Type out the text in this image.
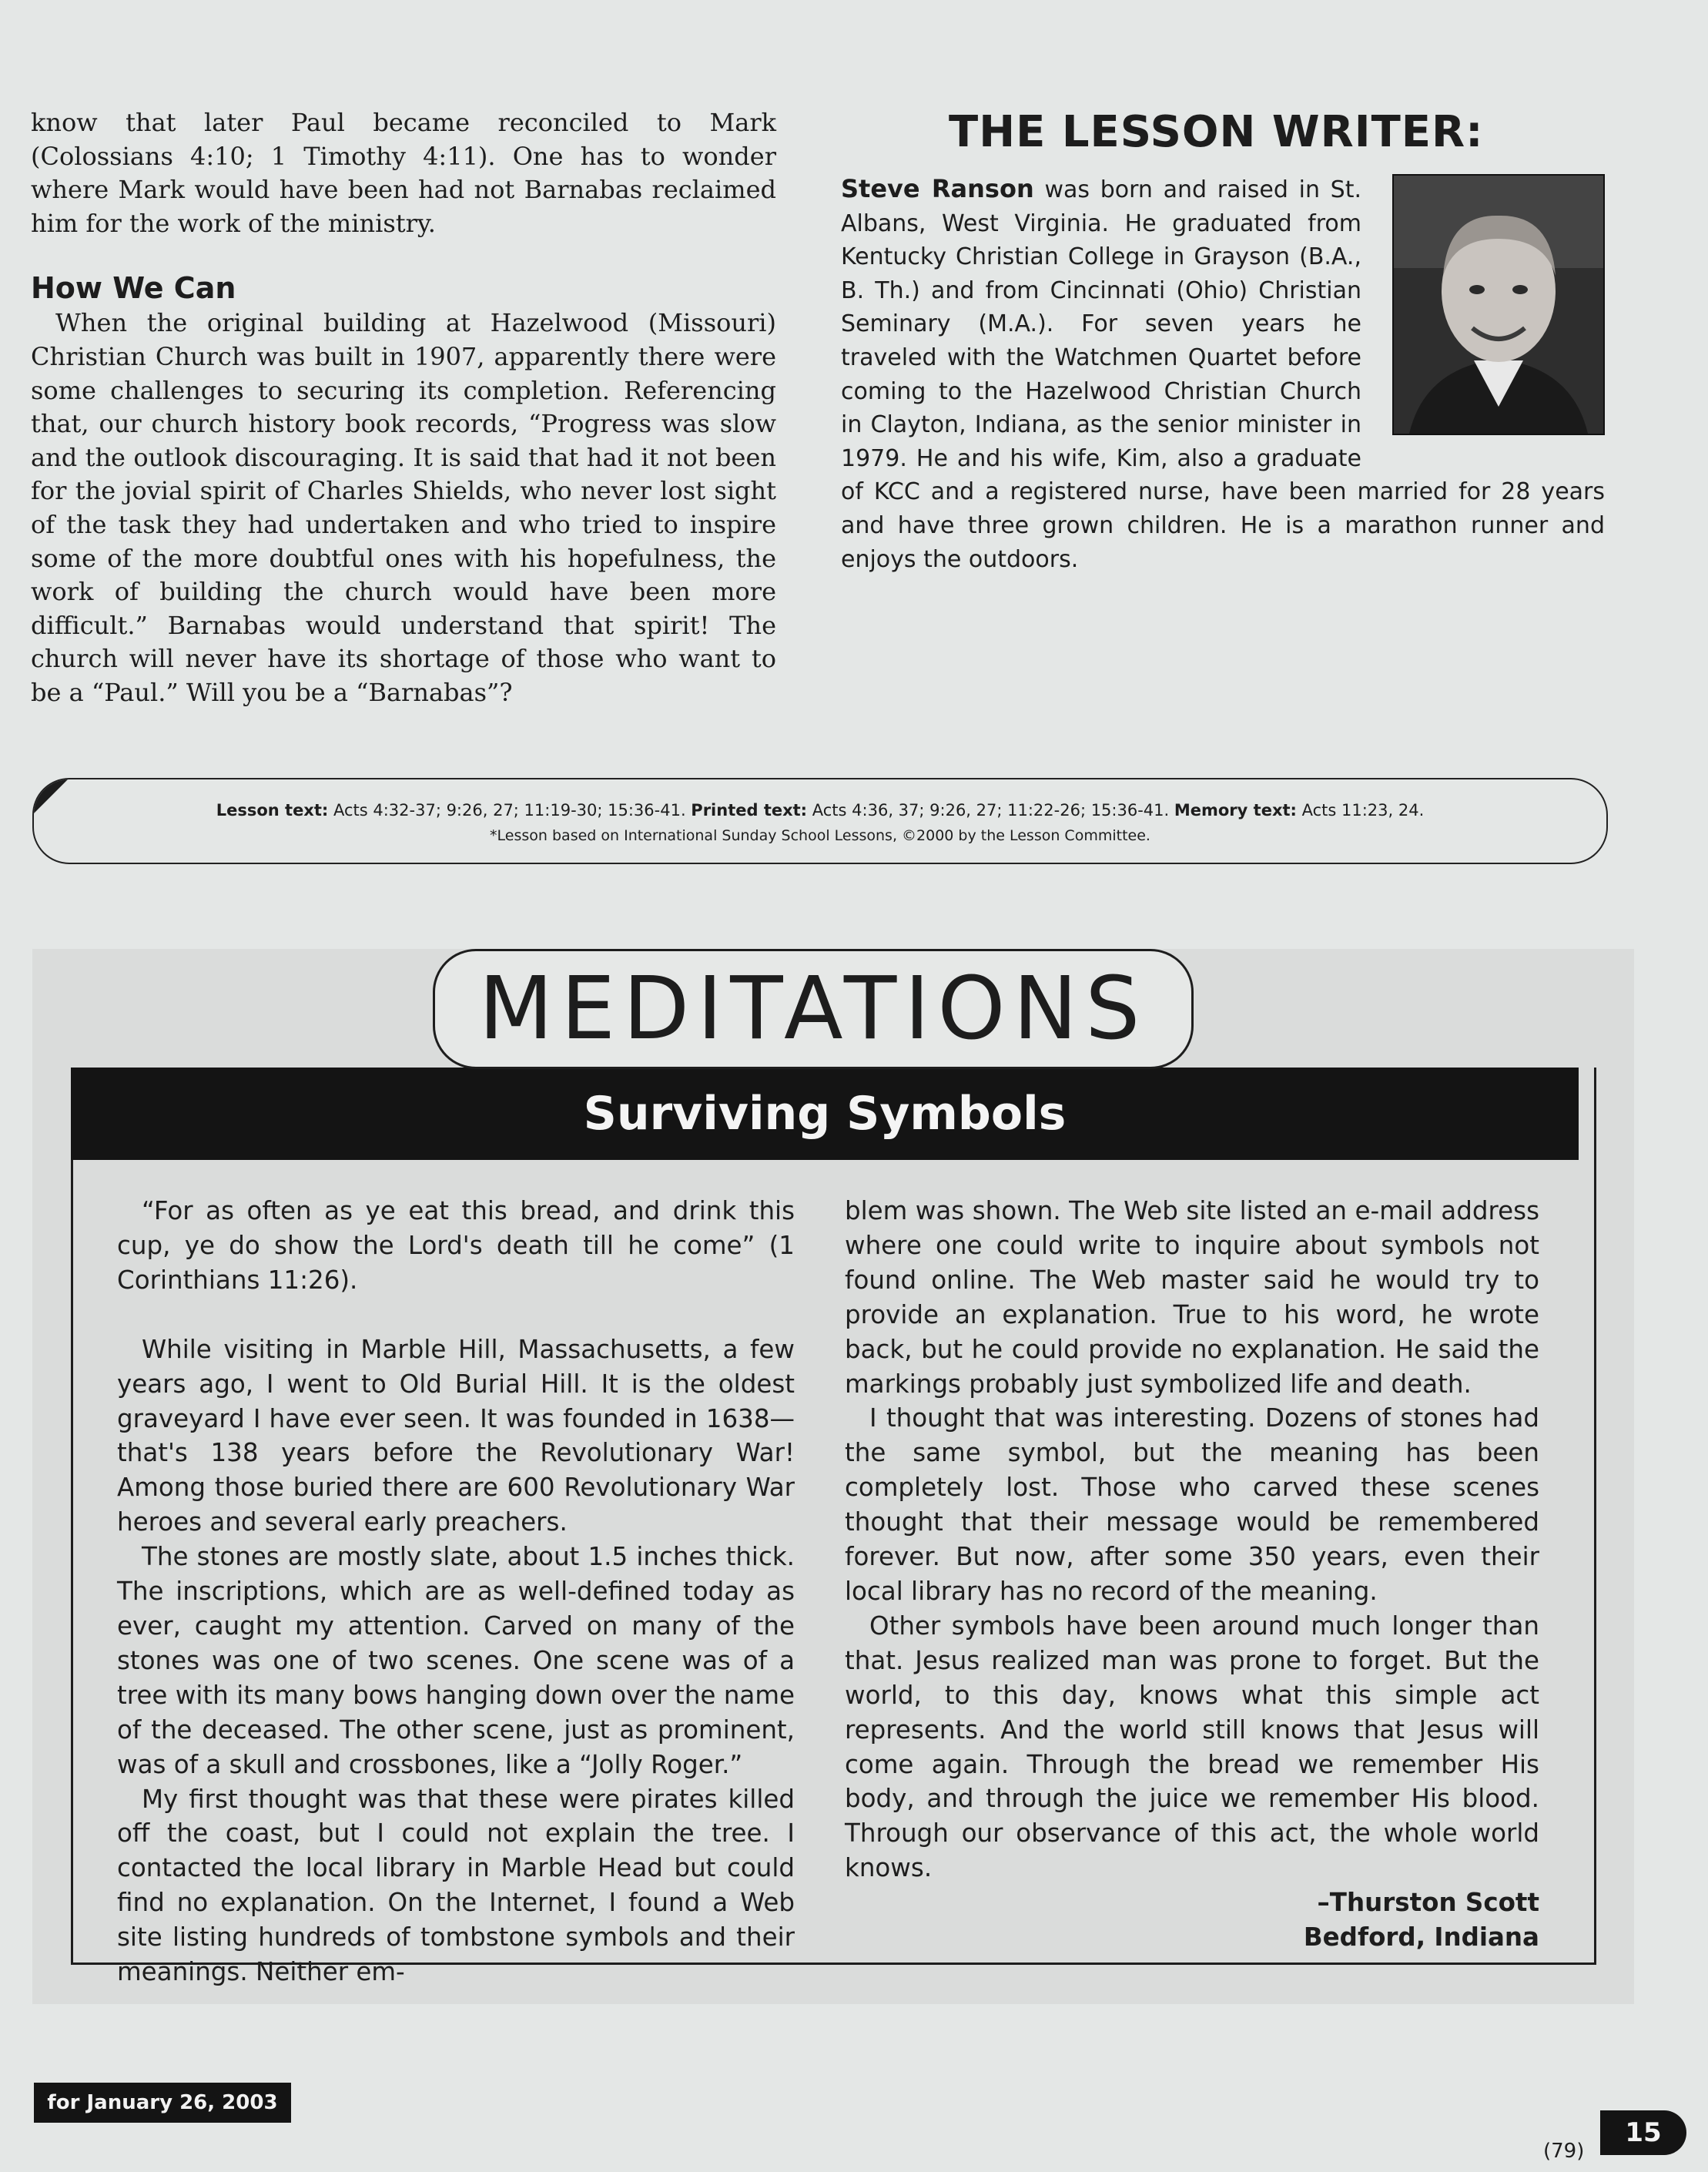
know that later Paul became reconciled to Mark (Colossians 4:10; 1 Timothy 4:11). One has to wonder where Mark would have been had not Barnabas reclaimed him for the work of the ministry.

How We Can

When the original building at Hazelwood (Missouri) Christian Church was built in 1907, apparently there were some challenges to securing its completion. Referencing that, our church history book records, “Progress was slow and the outlook discouraging. It is said that had it not been for the jovial spirit of Charles Shields, who never lost sight of the task they had undertaken and who tried to inspire some of the more doubtful ones with his hopefulness, the work of building the church would have been more difficult.” Barnabas would understand that spirit! The church will never have its shortage of those who want to be a “Paul.” Will you be a “Barnabas”?

THE LESSON WRITER:

Steve Ranson was born and raised in St. Albans, West Virginia. He graduated from Kentucky Christian College in Grayson (B.A., B. Th.) and from Cincinnati (Ohio) Christian Seminary (M.A.). For seven years he traveled with the Watchmen Quartet before coming to the Hazelwood Christian Church in Clayton, Indiana, as the senior minister in 1979. He and his wife, Kim, also a graduate of KCC and a registered nurse, have been married for 28 years and have three grown children. He is a marathon runner and enjoys the outdoors.

Lesson text: Acts 4:32-37; 9:26, 27; 11:19-30; 15:36-41. Printed text: Acts 4:36, 37; 9:26, 27; 11:22-26; 15:36-41. Memory text: Acts 11:23, 24.
*Lesson based on International Sunday School Lessons, ©2000 by the Lesson Committee.
Surviving Symbols
MEDITATIONS

“For as often as ye eat this bread, and drink this cup, ye do show the Lord's death till he come” (1 Corinthians 11:26).

While visiting in Marble Hill, Massachusetts, a few years ago, I went to Old Burial Hill. It is the oldest graveyard I have ever seen. It was founded in 1638—that's 138 years before the Revolutionary War! Among those buried there are 600 Revolutionary War heroes and several early preachers.

The stones are mostly slate, about 1.5 inches thick. The inscriptions, which are as well-defined today as ever, caught my attention. Carved on many of the stones was one of two scenes. One scene was of a tree with its many bows hanging down over the name of the deceased. The other scene, just as prominent, was of a skull and crossbones, like a “Jolly Roger.”

My first thought was that these were pirates killed off the coast, but I could not explain the tree. I contacted the local library in Marble Head but could find no explanation. On the Internet, I found a Web site listing hundreds of tombstone symbols and their meanings. Neither em-

blem was shown. The Web site listed an e-mail address where one could write to inquire about symbols not found online. The Web master said he would try to provide an explanation. True to his word, he wrote back, but he could provide no explanation. He said the markings probably just symbolized life and death.

I thought that was interesting. Dozens of stones had the same symbol, but the meaning has been completely lost. Those who carved these scenes thought that their message would be remembered forever. But now, after some 350 years, even their local library has no record of the meaning.

Other symbols have been around much longer than that. Jesus realized man was prone to forget. But the world, to this day, knows what this simple act represents. And the world still knows that Jesus will come again. Through the bread we remember His body, and through the juice we remember His blood. Through our observance of this act, the whole world knows.

–Thurston Scott
Bedford, Indiana
for January 26, 2003
(79)
15
